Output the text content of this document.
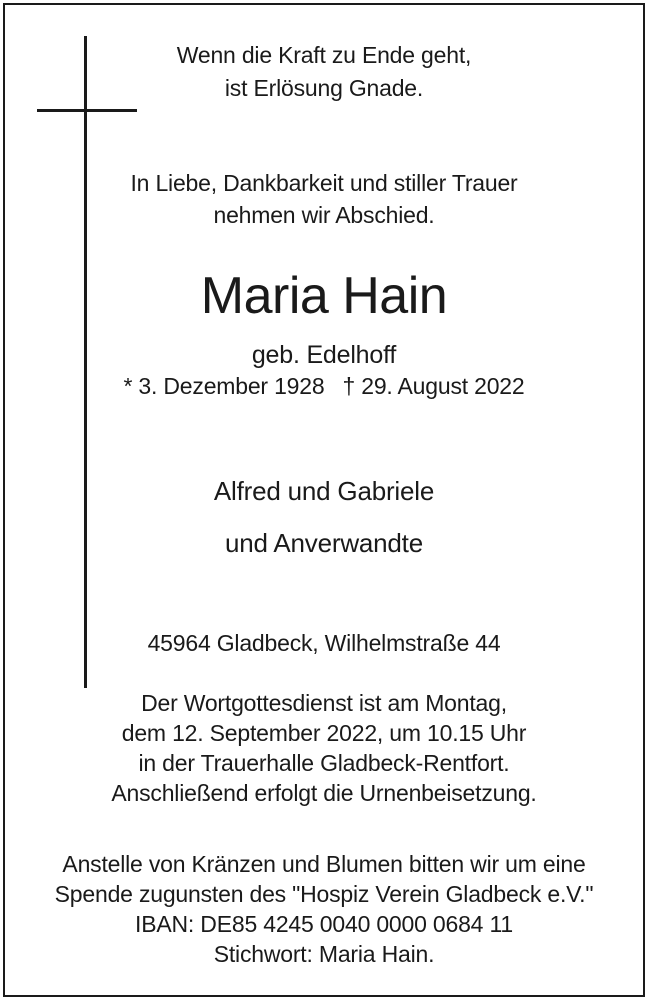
Wenn die Kraft zu Ende geht,
ist Erlösung Gnade.
In Liebe, Dankbarkeit und stiller Trauer
nehmen wir Abschied.
Maria Hain
geb. Edelhoff
* 3. Dezember 1928 † 29. August 2022
Alfred und Gabriele
und Anverwandte
45964 Gladbeck, Wilhelmstraße 44
Der Wortgottesdienst ist am Montag,
dem 12. September 2022, um 10.15 Uhr
in der Trauerhalle Gladbeck-Rentfort.
Anschließend erfolgt die Urnenbeisetzung.
Anstelle von Kränzen und Blumen bitten wir um eine
Spende zugunsten des "Hospiz Verein Gladbeck e.V."
IBAN: DE85 4245 0040 0000 0684 11
Stichwort: Maria Hain.
